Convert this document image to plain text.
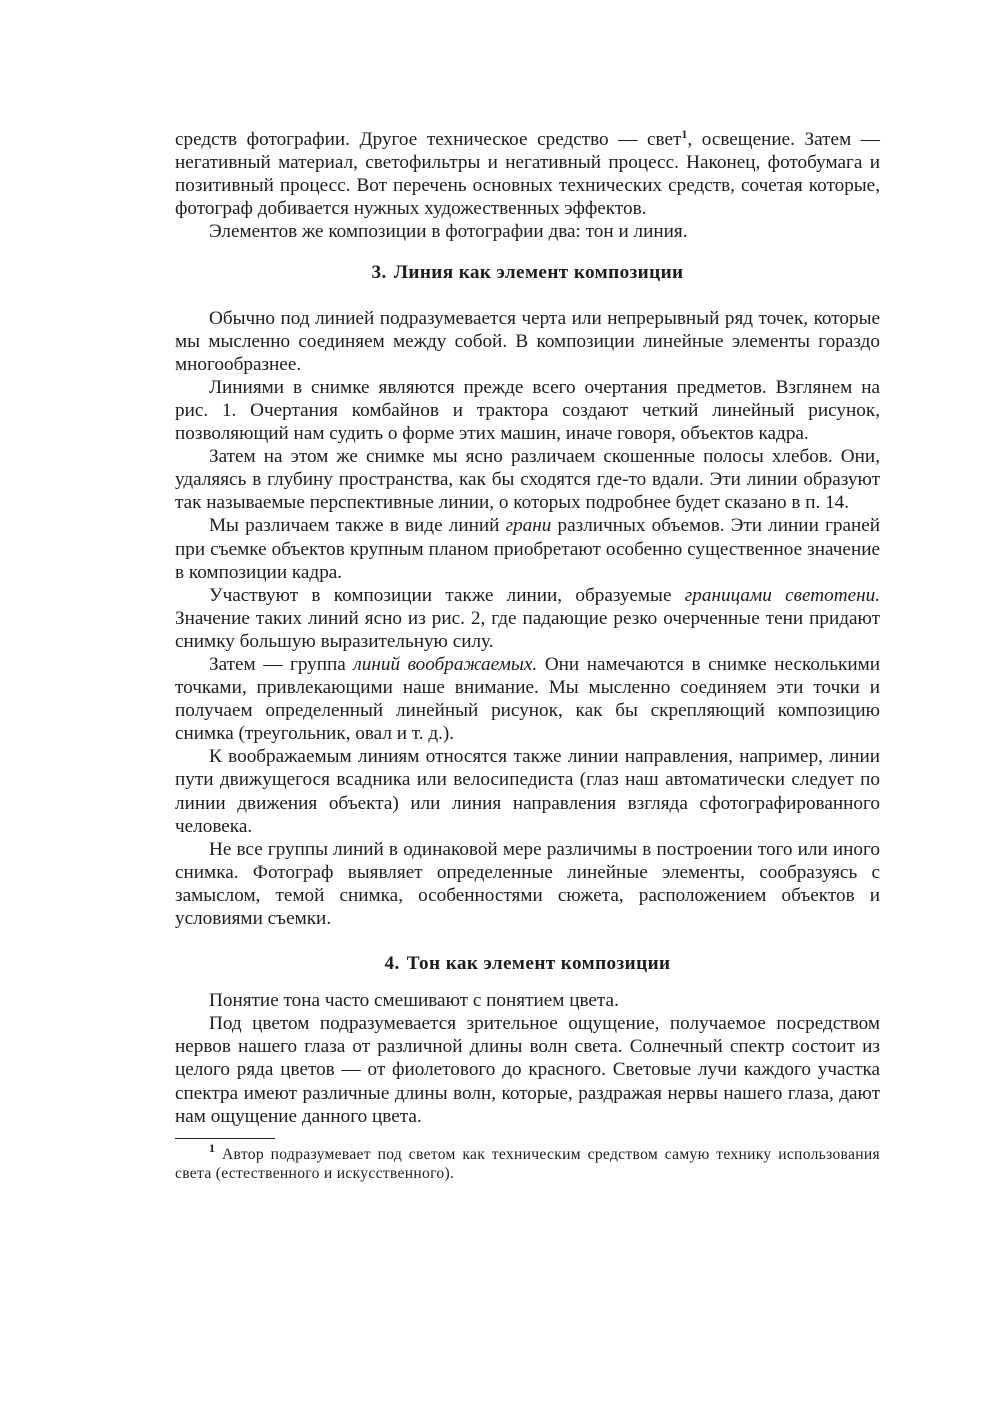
средств фотографии. Другое техническое средство — свет$^1$, освещение. Затем — негативный материал, светофильтры и негативный процесс. Наконец, фотобумага и позитивный процесс. Вот перечень основных технических средств, сочетая которые, фотограф добивается нужных художественных эффектов.

Элементов же композиции в фотографии два: тон и линия.

3. Линия как элемент композиции

Обычно под линией подразумевается черта или непрерывный ряд точек, которые мы мысленно соединяем между собой. В композиции линейные элементы гораздо многообразнее.

Линиями в снимке являются прежде всего очертания предметов. Взглянем на рис. 1. Очертания комбайнов и трактора создают четкий линейный рисунок, позволяющий нам судить о форме этих машин, иначе говоря, объектов кадра.

Затем на этом же снимке мы ясно различаем скошенные полосы хлебов. Они, удаляясь в глубину пространства, как бы сходятся где-то вдали. Эти линии образуют так называемые перспективные линии, о которых подробнее будет сказано в п. 14.

Мы различаем также в виде линий грани различных объемов. Эти линии граней при съемке объектов крупным планом приобретают особенно существенное значение в композиции кадра.

Участвуют в композиции также линии, образуемые границами светотени. Значение таких линий ясно из рис. 2, где падающие резко очерченные тени придают снимку большую выразительную силу.

Затем — группа линий воображаемых. Они намечаются в снимке несколькими точками, привлекающими наше внимание. Мы мысленно соединяем эти точки и получаем определенный линейный рисунок, как бы скрепляющий композицию снимка (треугольник, овал и т. д.).

К воображаемым линиям относятся также линии направления, например, линии пути движущегося всадника или велосипедиста (глаз наш автоматически следует по линии движения объекта) или линия направления взгляда сфотографированного человека.

Не все группы линий в одинаковой мере различимы в построении того или иного снимка. Фотограф выявляет определенные линейные элементы, сообразуясь с замыслом, темой снимка, особенностями сюжета, расположением объектов и условиями съемки.

4. Тон как элемент композиции

Понятие тона часто смешивают с понятием цвета.

Под цветом подразумевается зрительное ощущение, получаемое посредством нервов нашего глаза от различной длины волн света. Солнечный спектр состоит из целого ряда цветов — от фиолетового до красного. Световые лучи каждого участка спектра имеют различные длины волн, которые, раздражая нервы нашего глаза, дают нам ощущение данного цвета.

$^1$ Автор подразумевает под светом как техническим средством самую технику использования света (естественного и искусственного).
